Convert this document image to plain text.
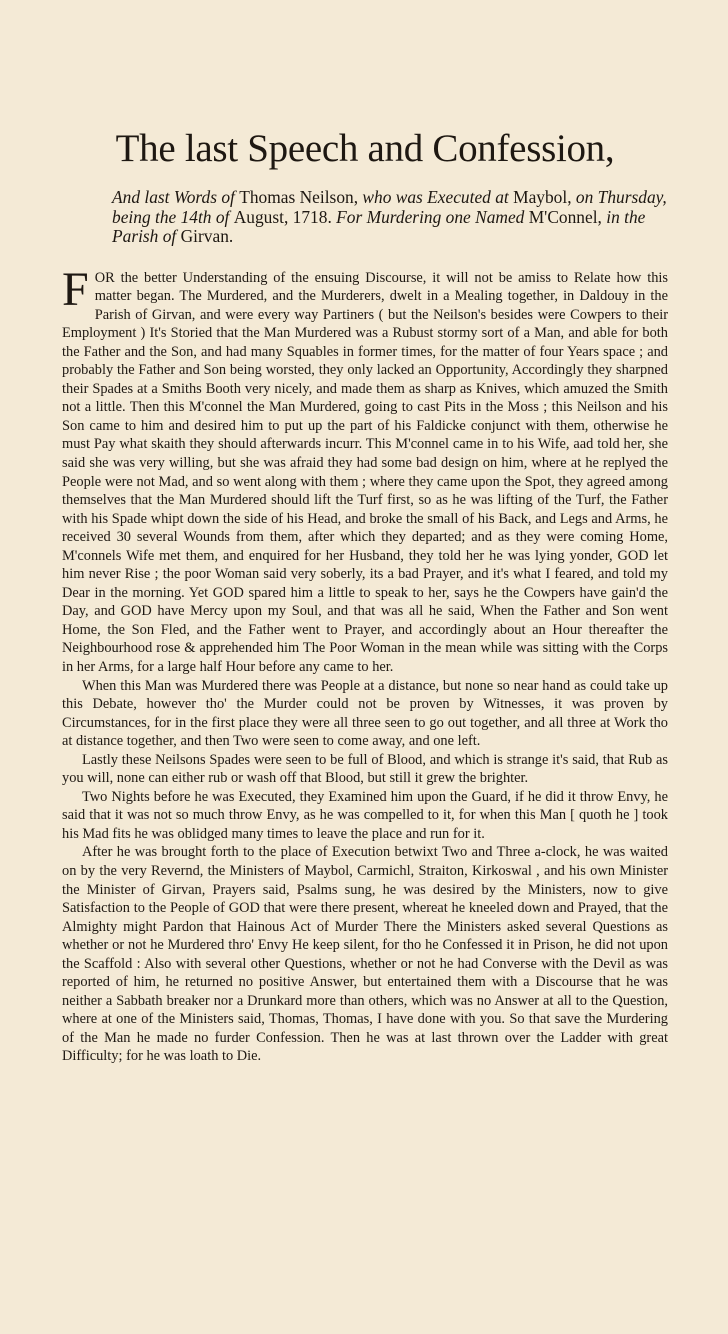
The last Speech and Confession,
And last Words of Thomas Neilson, who was Executed at Maybol, on Thursday, being the 14th of August, 1718. For Murdering one Named M'Connel, in the Parish of Girvan.

FOR the better Understanding of the ensuing Discourse, it will not be amiss to Relate how this matter began. The Murdered, and the Murderers, dwelt in a Mealing together, in Daldouy in the Parish of Girvan, and were every way Partiners ( but the Neilson's besides were Cowpers to their Employment ) It's Storied that the Man Murdered was a Rubust stormy sort of a Man, and able for both the Father and the Son, and had many Squables in former times, for the matter of four Years space ; and probably the Father and Son being worsted, they only lacked an Opportunity, Accordingly they sharpned their Spades at a Smiths Booth very nicely, and made them as sharp as Knives, which amuzed the Smith not a little. Then this M'connel the Man Murdered, going to cast Pits in the Moss ; this Neilson and his Son came to him and desired him to put up the part of his Faldicke conjunct with them, otherwise he must Pay what skaith they should afterwards incurr. This M'connel came in to his Wife, aad told her, she said she was very willing, but she was afraid they had some bad design on him, where at he replyed the People were not Mad, and so went along with them ; where they came upon the Spot, they agreed among themselves that the Man Murdered should lift the Turf first, so as he was lifting of the Turf, the Father with his Spade whipt down the side of his Head, and broke the small of his Back, and Legs and Arms, he received 30 several Wounds from them, after which they departed; and as they were coming Home, M'connels Wife met them, and enquired for her Husband, they told her he was lying yonder, GOD let him never Rise ; the poor Woman said very soberly, its a bad Prayer, and it's what I feared, and told my Dear in the morning. Yet GOD spared him a little to speak to her, says he the Cowpers have gain'd the Day, and GOD have Mercy upon my Soul, and that was all he said, When the Father and Son went Home, the Son Fled, and the Father went to Prayer, and accordingly about an Hour thereafter the Neighbourhood rose & apprehended him The Poor Woman in the mean while was sitting with the Corps in her Arms, for a large half Hour before any came to her.

When this Man was Murdered there was People at a distance, but none so near hand as could take up this Debate, however tho' the Murder could not be proven by Witnesses, it was proven by Circumstances, for in the first place they were all three seen to go out together, and all three at Work tho at distance together, and then Two were seen to come away, and one left.

Lastly these Neilsons Spades were seen to be full of Blood, and which is strange it's said, that Rub as you will, none can either rub or wash off that Blood, but still it grew the brighter.

Two Nights before he was Executed, they Examined him upon the Guard, if he did it throw Envy, he said that it was not so much throw Envy, as he was compelled to it, for when this Man [ quoth he ] took his Mad fits he was oblidged many times to leave the place and run for it.

After he was brought forth to the place of Execution betwixt Two and Three a-clock, he was waited on by the very Revernd, the Ministers of Maybol, Carmichl, Straiton, Kirkoswal , and his own Minister the Minister of Girvan, Prayers said, Psalms sung, he was desired by the Ministers, now to give Satisfaction to the People of GOD that were there present, whereat he kneeled down and Prayed, that the Almighty might Pardon that Hainous Act of Murder There the Ministers asked several Questions as whether or not he Murdered thro' Envy He keep silent, for tho he Confessed it in Prison, he did not upon the Scaffold : Also with several other Questions, whether or not he had Converse with the Devil as was reported of him, he returned no positive Answer, but entertained them with a Discourse that he was neither a Sabbath breaker nor a Drunkard more than others, which was no Answer at all to the Question, where at one of the Ministers said, Thomas, Thomas, I have done with you. So that save the Murdering of the Man he made no furder Confession. Then he was at last thrown over the Ladder with great Difficulty; for he was loath to Die.
